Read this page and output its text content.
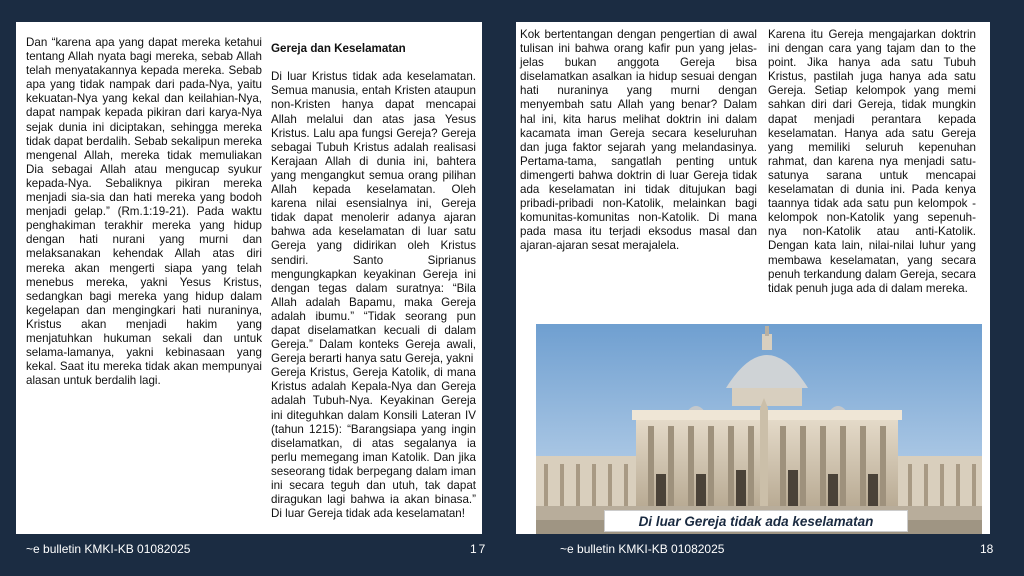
Dan “karena apa yang dapat mereka ketahui tentang Allah nyata bagi mereka, sebab Allah telah menyatakannya kepada mereka. Sebab apa yang tidak nampak dari pada-Nya, yaitu kekuatan-Nya yang kekal dan keilahian-Nya, dapat nampak kepada pikiran dari karya-Nya sejak dunia ini diciptakan, sehingga mereka tidak dapat berdalih. Sebab sekalipun mereka mengenal Allah, mereka tidak memuliakan Dia sebagai Allah atau mengucap syukur kepada-Nya. Sebaliknya pikiran mereka menjadi sia-sia dan hati mereka yang bodoh menjadi gelap.” (Rm.1:19-21). Pada waktu penghakiman terakhir mereka yang hidup dengan hati nurani yang murni dan melaksanakan kehendak Allah atas diri mereka akan mengerti siapa yang telah menebus mereka, yakni Yesus Kristus, sedangkan bagi mereka yang hidup dalam kegelapan dan mengingkari hati nuraninya, Kristus akan menjadi hakim yang menjatuhkan hukuman sekali dan untuk selama-lamanya, yakni kebinasaan yang kekal. Saat itu mereka tidak akan mempunyai alasan untuk berdalih lagi.

Gereja dan Keselamatan

Di luar Kristus tidak ada keselamatan. Semua manusia, entah Kristen ataupun non-Kristen hanya dapat mencapai Allah melalui dan atas jasa Yesus Kristus. Lalu apa fungsi Gereja? Gereja sebagai Tubuh Kristus adalah realisasi Kerajaan Allah di dunia ini, bahtera yang mengangkut semua orang pilihan Allah kepada keselamatan. Oleh karena nilai esensialnya ini, Gereja tidak dapat menolerir adanya ajaran bahwa ada keselamatan di luar satu Gereja yang didirikan oleh Kristus sendiri. Santo Siprianus mengungkapkan keyakinan Gereja ini dengan tegas dalam suratnya: “Bila Allah adalah Bapamu, maka Gereja adalah ibumu.” “Tidak seorang pun dapat diselamatkan kecuali di dalam Gereja.” Dalam konteks Gereja awali, Gereja berarti hanya satu Gereja, yakni
Gereja Kristus, Gereja Katolik, di mana Kristus adalah Kepala-Nya dan Gereja adalah Tubuh-Nya. Keyakinan Gereja ini diteguhkan dalam Konsili Lateran IV (tahun 1215): “Barangsiapa yang ingin diselamatkan, di atas segalanya ia perlu memegang iman Katolik. Dan jika seseorang tidak berpegang dalam iman ini secara teguh dan utuh, tak dapat diragukan lagi bahwa ia akan binasa.” Di luar Gereja tidak ada keselamatan!

Kok bertentangan dengan pengertian di awal tulisan ini bahwa orang kafir pun yang jelas-jelas bukan anggota Gereja bisa diselamatkan asalkan ia hidup sesuai dengan hati nuraninya yang murni dengan menyembah satu Allah yang benar? Dalam hal ini, kita harus melihat doktrin ini dalam kacamata iman Gereja secara keseluruhan dan juga faktor sejarah yang melandasinya. Pertama-tama, sangatlah penting untuk dimengerti bahwa doktrin di luar Gereja tidak ada keselamatan ini tidak ditujukan bagi pribadi-pribadi non-Katolik, melainkan bagi komunitas-komunitas non-Katolik. Di mana pada masa itu terjadi eksodus masal dan ajaran-ajaran sesat merajalela.
Karena itu Gereja mengajarkan doktrin ini dengan cara yang tajam dan to the point. Jika hanya ada satu Tubuh Kristus, pastilah juga hanya ada satu Gereja. Setiap kelompok yang memi sahkan diri dari Gereja, tidak mungkin dapat menjadi perantara kepada keselamatan. Hanya ada satu Gereja yang memiliki seluruh kepenuhan rahmat, dan karena nya menjadi satu-satunya sarana untuk mencapai keselamatan di dunia ini. Pada kenya taannya tidak ada satu pun kelompok - kelompok non-Katolik yang sepenuh-nya non-Katolik atau anti-Katolik. Dengan kata lain, nilai-nilai luhur yang membawa keselamatan, yang secara penuh terkandung dalam Gereja, secara tidak penuh juga ada di dalam mereka.
Di luar Gereja tidak ada keselamatan
~e bulletin KMKI-KB 01082025	17	~e bulletin KMKI-KB 01082025	18
